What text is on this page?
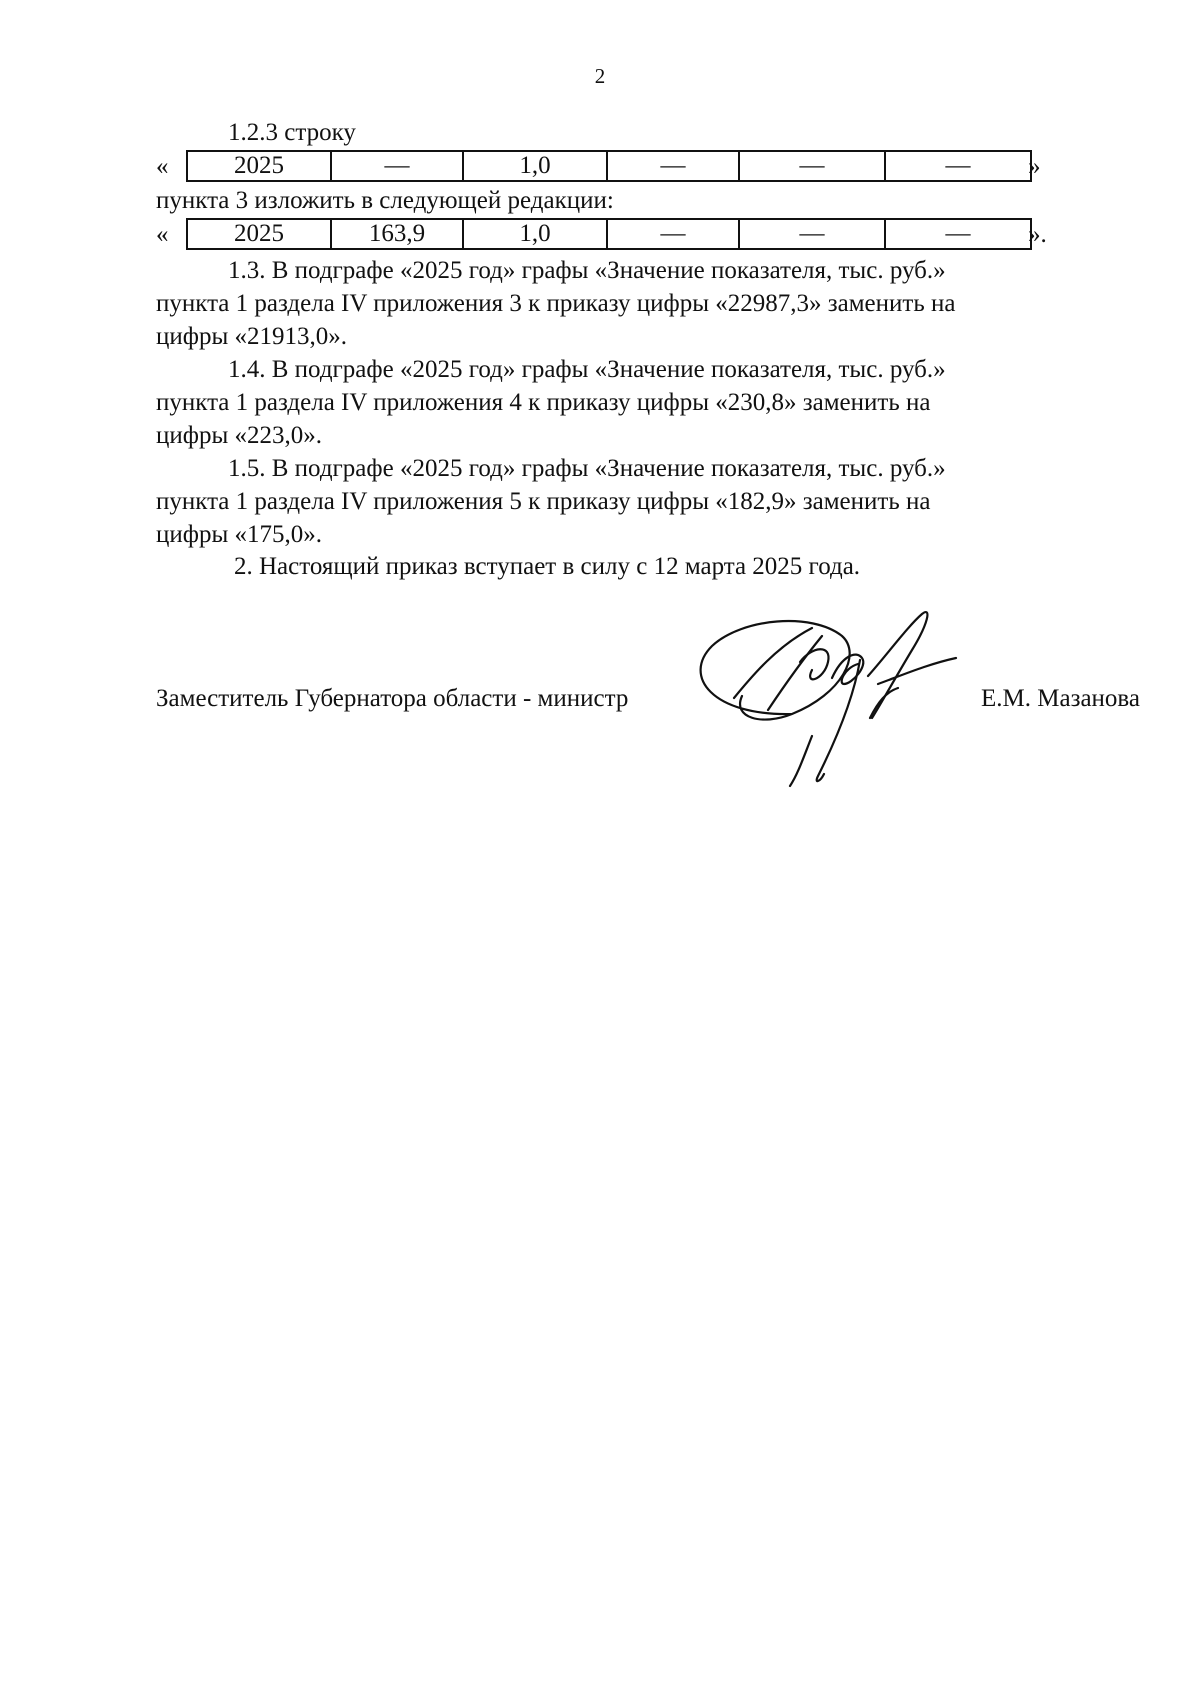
2
1.2.3 строку
«	2025	—	1,0	—	—	— »
пункта 3 изложить в следующей редакции:
«	2025	163,9	1,0	—	—	— ».
1.3. В подграфе «2025 год» графы «Значение показателя, тыс. руб.»
пункта 1 раздела IV приложения 3 к приказу цифры «22987,3» заменить на
цифры «21913,0».
1.4. В подграфе «2025 год» графы «Значение показателя, тыс. руб.»
пункта 1 раздела IV приложения 4 к приказу цифры «230,8» заменить на
цифры «223,0».
1.5. В подграфе «2025 год» графы «Значение показателя, тыс. руб.»
пункта 1 раздела IV приложения 5 к приказу цифры «182,9» заменить на
цифры «175,0».
2. Настоящий приказ вступает в силу с 12 марта 2025 года.
Заместитель Губернатора области - министр	Е.М. Мазанова
